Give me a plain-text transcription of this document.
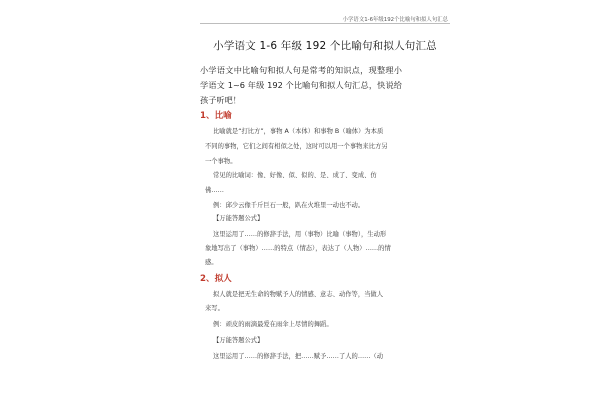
小学语文1-6年级192个比喻句和拟人句汇总
小学语文 1-6 年级 192 个比喻句和拟人句汇总
小学语文中比喻句和拟人句是常考的知识点，现整理小学语文 1~6 年级 192 个比喻句和拟人句汇总，快说给孩子听吧！
1、比喻
比喻就是“打比方”，事物 A（本体）和事物 B（喻体）为本质
不同的事物，它们之间有相似之处，这时可以用一个事物来比方另
一个事物。
常见的比喻词：像、好像、似、似的、是、成了、变成、仿
佛……
例：邱少云像千斤巨石一般，趴在火堆里一动也不动。
【万能答题公式】
这里运用了……的修辞手法，用（事物）比喻（事物），生动形
象地写出了（事物）……的特点（情态），表达了（人物）……的情
感。
2、拟人
拟人就是把无生命的物赋予人的情感、意志、动作等，当做人
来写。
例：顽皮的雨滴最爱在雨伞上尽情的舞蹈。
【万能答题公式】
这里运用了……的修辞手法，把……赋予……了人的……（动
